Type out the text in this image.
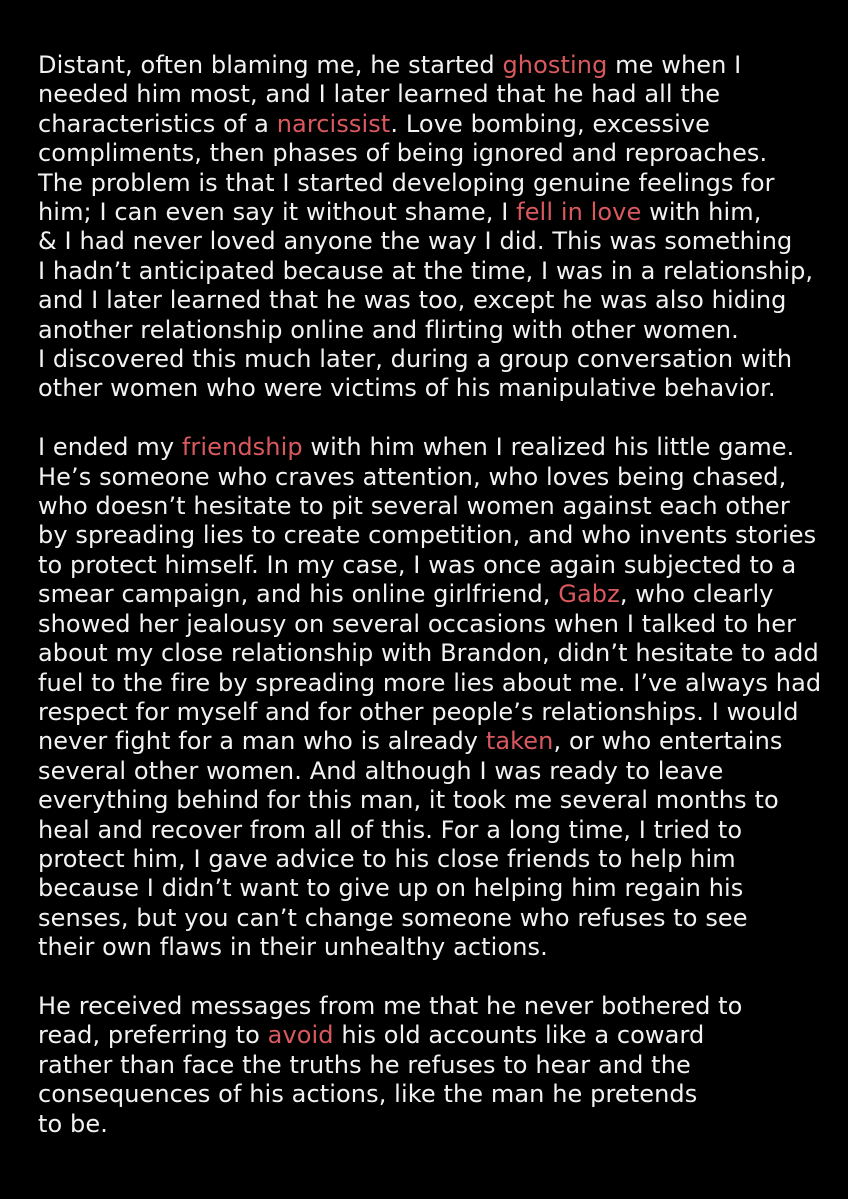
Distant, often blaming me, he started ghosting me when I
needed him most, and I later learned that he had all the
characteristics of a narcissist. Love bombing, excessive
compliments, then phases of being ignored and reproaches.
The problem is that I started developing genuine feelings for
him; I can even say it without shame, I fell in love with him,
& I had never loved anyone the way I did. This was something
I hadn’t anticipated because at the time, I was in a relationship,
and I later learned that he was too, except he was also hiding
another relationship online and flirting with other women.
I discovered this much later, during a group conversation with
other women who were victims of his manipulative behavior.
I ended my friendship with him when I realized his little game.
He’s someone who craves attention, who loves being chased,
who doesn’t hesitate to pit several women against each other
by spreading lies to create competition, and who invents stories
to protect himself. In my case, I was once again subjected to a
smear campaign, and his online girlfriend, Gabz, who clearly
showed her jealousy on several occasions when I talked to her
about my close relationship with Brandon, didn’t hesitate to add
fuel to the fire by spreading more lies about me. I’ve always had
respect for myself and for other people’s relationships. I would
never fight for a man who is already taken, or who entertains
several other women. And although I was ready to leave
everything behind for this man, it took me several months to
heal and recover from all of this. For a long time, I tried to
protect him, I gave advice to his close friends to help him
because I didn’t want to give up on helping him regain his
senses, but you can’t change someone who refuses to see
their own flaws in their unhealthy actions.
He received messages from me that he never bothered to
read, preferring to avoid his old accounts like a coward
rather than face the truths he refuses to hear and the
consequences of his actions, like the man he pretends
to be.
